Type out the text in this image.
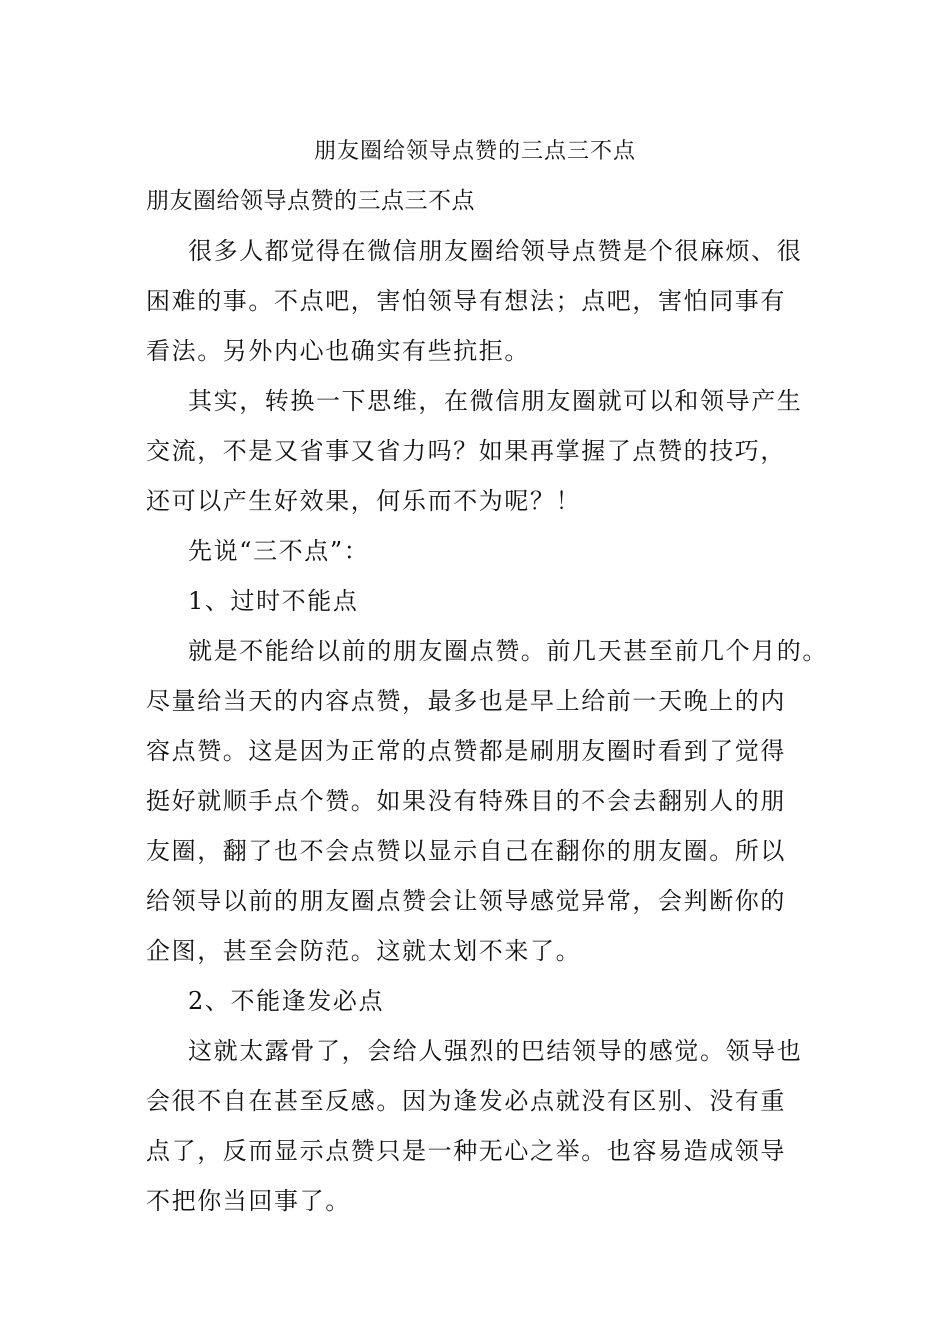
朋友圈给领导点赞的三点三不点

朋友圈给领导点赞的三点三不点

很多人都觉得在微信朋友圈给领导点赞是个很麻烦、很

困难的事。不点吧，害怕领导有想法；点吧，害怕同事有

看法。另外内心也确实有些抗拒。

其实，转换一下思维，在微信朋友圈就可以和领导产生

交流，不是又省事又省力吗？如果再掌握了点赞的技巧，

还可以产生好效果，何乐而不为呢？！

先说“三不点”：

1、过时不能点

就是不能给以前的朋友圈点赞。前几天甚至前几个月的。

尽量给当天的内容点赞，最多也是早上给前一天晚上的内

容点赞。这是因为正常的点赞都是刷朋友圈时看到了觉得

挺好就顺手点个赞。如果没有特殊目的不会去翻别人的朋

友圈，翻了也不会点赞以显示自己在翻你的朋友圈。所以

给领导以前的朋友圈点赞会让领导感觉异常，会判断你的

企图，甚至会防范。这就太划不来了。

2、不能逢发必点

这就太露骨了，会给人强烈的巴结领导的感觉。领导也

会很不自在甚至反感。因为逢发必点就没有区别、没有重

点了，反而显示点赞只是一种无心之举。也容易造成领导

不把你当回事了。
